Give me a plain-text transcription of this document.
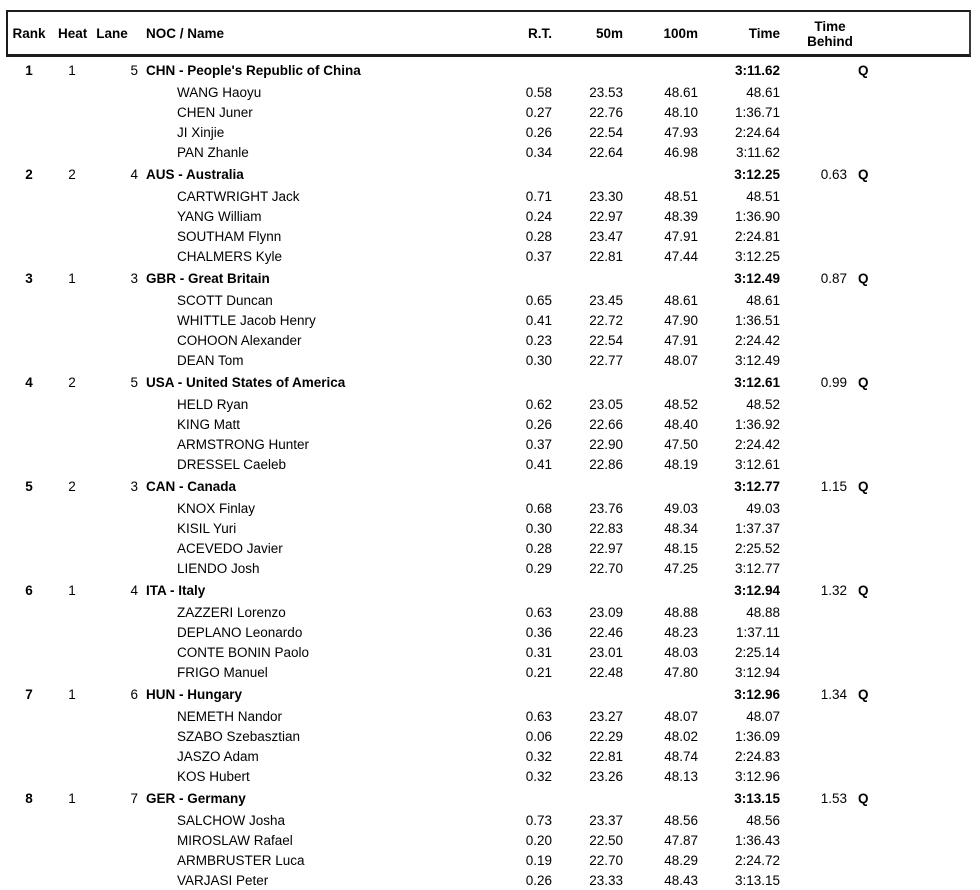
Rank Heat Lane	NOC / Name	R.T.	50m	100m	Time	Time
Behind
1	1	5 CHN - People's Republic of China	3:11.62	Q
WANG Haoyu	0.58	23.53	48.61	48.61
CHEN Juner	0.27	22.76	48.10	1:36.71
JI Xinjie	0.26	22.54	47.93	2:24.64
PAN Zhanle	0.34	22.64	46.98	3:11.62
2	2	4 AUS - Australia	3:12.25	0.63 Q
CARTWRIGHT Jack	0.71	23.30	48.51	48.51
YANG William	0.24	22.97	48.39	1:36.90
SOUTHAM Flynn	0.28	23.47	47.91	2:24.81
CHALMERS Kyle	0.37	22.81	47.44	3:12.25
3	1	3 GBR - Great Britain	3:12.49	0.87 Q
SCOTT Duncan	0.65	23.45	48.61	48.61
WHITTLE Jacob Henry	0.41	22.72	47.90	1:36.51
COHOON Alexander	0.23	22.54	47.91	2:24.42
DEAN Tom	0.30	22.77	48.07	3:12.49
4	2	5 USA - United States of America	3:12.61	0.99 Q
HELD Ryan	0.62	23.05	48.52	48.52
KING Matt	0.26	22.66	48.40	1:36.92
ARMSTRONG Hunter	0.37	22.90	47.50	2:24.42
DRESSEL Caeleb	0.41	22.86	48.19	3:12.61
5	2	3 CAN - Canada	3:12.77	1.15 Q
KNOX Finlay	0.68	23.76	49.03	49.03
KISIL Yuri	0.30	22.83	48.34	1:37.37
ACEVEDO Javier	0.28	22.97	48.15	2:25.52
LIENDO Josh	0.29	22.70	47.25	3:12.77
6	1	4 ITA - Italy	3:12.94	1.32 Q
ZAZZERI Lorenzo	0.63	23.09	48.88	48.88
DEPLANO Leonardo	0.36	22.46	48.23	1:37.11
CONTE BONIN Paolo	0.31	23.01	48.03	2:25.14
FRIGO Manuel	0.21	22.48	47.80	3:12.94
7	1	6 HUN - Hungary	3:12.96	1.34 Q
NEMETH Nandor	0.63	23.27	48.07	48.07
SZABO Szebasztian	0.06	22.29	48.02	1:36.09
JASZO Adam	0.32	22.81	48.74	2:24.83
KOS Hubert	0.32	23.26	48.13	3:12.96
8	1	7 GER - Germany	3:13.15	1.53 Q
SALCHOW Josha	0.73	23.37	48.56	48.56
MIROSLAW Rafael	0.20	22.50	47.87	1:36.43
ARMBRUSTER Luca	0.19	22.70	48.29	2:24.72
VARJASI Peter	0.26	23.33	48.43	3:13.15
